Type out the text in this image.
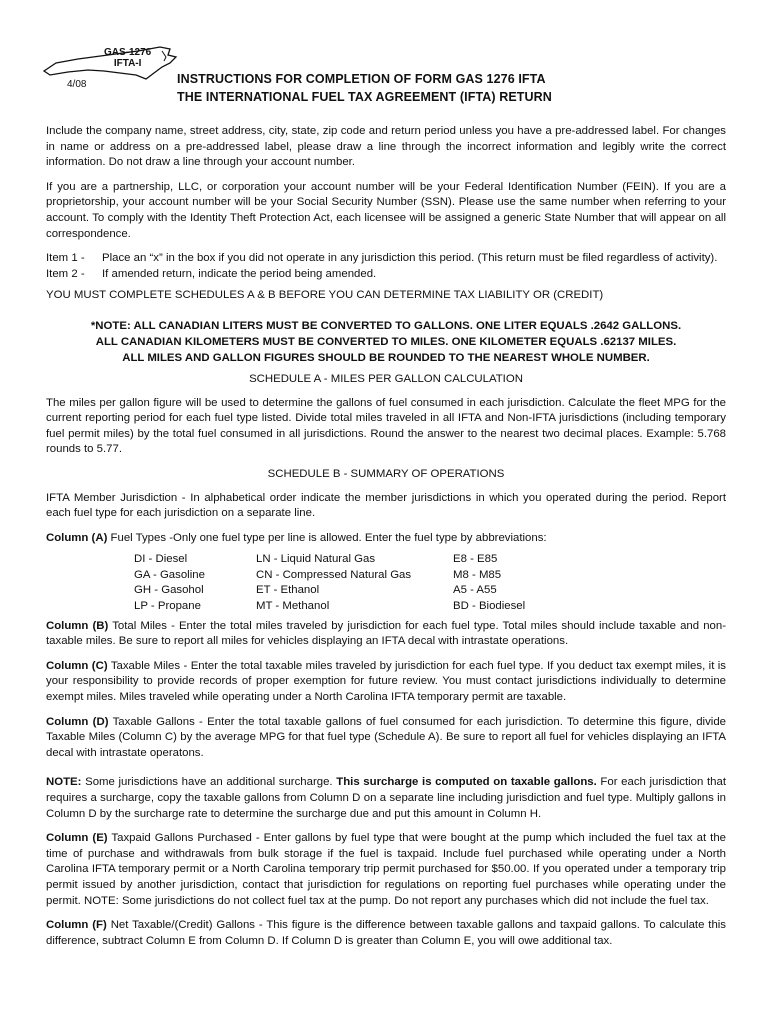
GAS-1276
IFTA-I
4/08	INSTRUCTIONS FOR COMPLETION OF FORM GAS 1276 IFTA
THE INTERNATIONAL FUEL TAX AGREEMENT (IFTA) RETURN

Include the company name, street address, city, state, zip code and return period unless you have a pre-addressed label. For changes in name or address on a pre-addressed label, please draw a line through the incorrect information and legibly write the correct information. Do not draw a line through your account number.

If you are a partnership, LLC, or corporation your account number will be your Federal Identification Number (FEIN). If you are a proprietorship, your account number will be your Social Security Number (SSN). Please use the same number when referring to your account. To comply with the Identity Theft Protection Act, each licensee will be assigned a generic State Number that will appear on all correspondence.

Item 1 -	Place an “x” in the box if you did not operate in any jurisdiction this period. (This return must be filed regardless of activity).
Item 2 -	If amended return, indicate the period being amended.

YOU MUST COMPLETE SCHEDULES A & B BEFORE YOU CAN DETERMINE TAX LIABILITY OR (CREDIT)

*NOTE: ALL CANADIAN LITERS MUST BE CONVERTED TO GALLONS. ONE LITER EQUALS .2642 GALLONS.
ALL CANADIAN KILOMETERS MUST BE CONVERTED TO MILES. ONE KILOMETER EQUALS .62137 MILES.
ALL MILES AND GALLON FIGURES SHOULD BE ROUNDED TO THE NEAREST WHOLE NUMBER.
SCHEDULE A - MILES PER GALLON CALCULATION

The miles per gallon figure will be used to determine the gallons of fuel consumed in each jurisdiction. Calculate the fleet MPG for the current reporting period for each fuel type listed. Divide total miles traveled in all IFTA and Non-IFTA jurisdictions (including temporary fuel permit miles) by the total fuel consumed in all jurisdictions. Round the answer to the nearest two decimal places. Example: 5.768 rounds to 5.77.

SCHEDULE B - SUMMARY OF OPERATIONS

IFTA Member Jurisdiction - In alphabetical order indicate the member jurisdictions in which you operated during the period. Report each fuel type for each jurisdiction on a separate line.

Column (A) Fuel Types -Only one fuel type per line is allowed. Enter the fuel type by abbreviations:

DI - Diesel	LN - Liquid Natural Gas	E8 - E85
GA - Gasoline	CN - Compressed Natural Gas	M8 - M85
GH - Gasohol	ET - Ethanol	A5 - A55
LP - Propane	MT - Methanol	BD - Biodiesel

Column (B) Total Miles - Enter the total miles traveled by jurisdiction for each fuel type. Total miles should include taxable and non-taxable miles. Be sure to report all miles for vehicles displaying an IFTA decal with intrastate operations.

Column (C) Taxable Miles - Enter the total taxable miles traveled by jurisdiction for each fuel type. If you deduct tax exempt miles, it is your responsibility to provide records of proper exemption for future review. You must contact jurisdictions individually to determine exempt miles. Miles traveled while operating under a North Carolina IFTA temporary permit are taxable.

Column (D) Taxable Gallons - Enter the total taxable gallons of fuel consumed for each jurisdiction. To determine this figure, divide Taxable Miles (Column C) by the average MPG for that fuel type (Schedule A). Be sure to report all fuel for vehicles displaying an IFTA decal with intrastate operatons.

NOTE: Some jurisdictions have an additional surcharge. This surcharge is computed on taxable gallons. For each jurisdiction that requires a surcharge, copy the taxable gallons from Column D on a separate line including jurisdiction and fuel type. Multiply gallons in Column D by the surcharge rate to determine the surcharge due and put this amount in Column H.

Column (E) Taxpaid Gallons Purchased - Enter gallons by fuel type that were bought at the pump which included the fuel tax at the time of purchase and withdrawals from bulk storage if the fuel is taxpaid. Include fuel purchased while operating under a North Carolina IFTA temporary permit or a North Carolina temporary trip permit purchased for $50.00. If you operated under a temporary trip permit issued by another jurisdiction, contact that jurisdiction for regulations on reporting fuel purchases while operating under the permit. NOTE: Some jurisdictions do not collect fuel tax at the pump. Do not report any purchases which did not include the fuel tax.

Column (F) Net Taxable/(Credit) Gallons - This figure is the difference between taxable gallons and taxpaid gallons. To calculate this difference, subtract Column E from Column D. If Column D is greater than Column E, you will owe additional tax.
